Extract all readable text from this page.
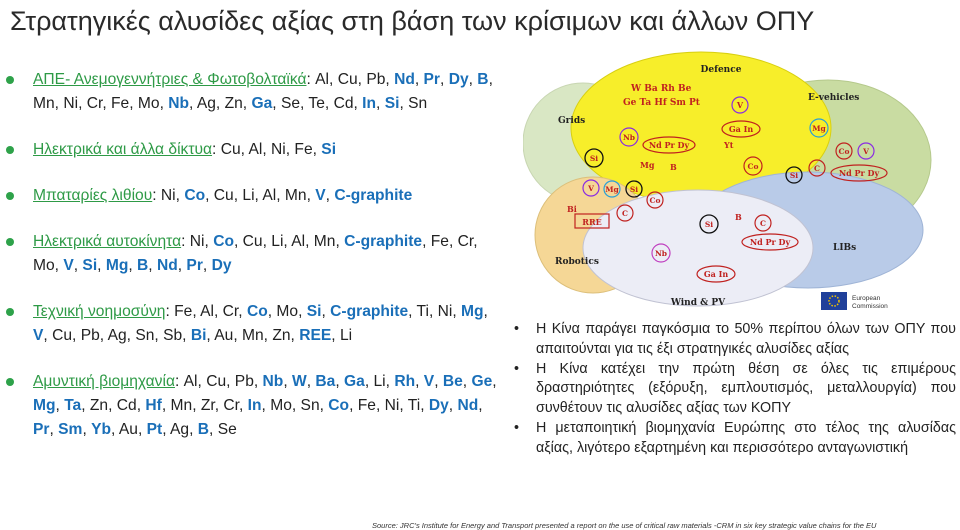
Στρατηγικές αλυσίδες αξίας στη βάση των κρίσιμων και άλλων ΟΠΥ
ΑΠΕ- Ανεμογεννήτριες & Φωτοβολταϊκά: Al, Cu, Pb, Nd, Pr, Dy, B, Mn, Ni, Cr, Fe, Mo, Nb, Ag, Zn, Ga, Se, Te, Cd, In, Si, Sn
Ηλεκτρικά και άλλα δίκτυα: Cu, Al, Ni, Fe, Si
Μπαταρίες λιθίου: Ni, Co, Cu, Li, Al, Mn, V, C-graphite
Ηλεκτρικά αυτοκίνητα: Ni, Co, Cu, Li, Al, Mn, C-graphite, Fe, Cr, Mo, V, Si, Mg, B, Nd, Pr, Dy
Τεχνική νοημοσύνη: Fe, Al, Cr, Co, Mo, Si, C-graphite, Ti, Ni, Mg, V, Cu, Pb, Ag, Sn, Sb, Bi, Au, Mn, Zn, REE, Li
Αμυντική βιομηχανία: Al, Cu, Pb, Nb, W, Ba, Ga, Li, Rh, V, Be, Ge, Mg, Ta, Zn, Cd, Hf, Mn, Zr, Cr, In, Mo, Sn, Co, Fe, Ni, Ti, Dy, Nd, Pr, Sm, Yb, Au, Pt, Ag, B, Se
Defence
Grids
E-vehicles
Robotics
LIBs
Wind & PV
W Ba Rh Be
Ge Ta Hf Sm Pt	V
Nb
Ga In
Nd Pr Dy	Yt
Mg B	Co
Si
Mg
Co V
C
Si	Nd Pr Dy
V Mg Si
Co
Bi	C
RRE	Si
B
C
Nd Pr Dy
Nb
Ga In
European
Commission
• Η Κίνα παράγει παγκόσμια το 50% περίπου όλων των ΟΠΥ που απαιτούνται για τις έξι στρατηγικές αλυσίδες αξίας
• Η Κίνα κατέχει την πρώτη θέση σε όλες τις επιμέρους δραστηριότητες (εξόρυξη, εμπλουτισμός, μεταλλουργία) που συνθέτουν τις αλυσίδες αξίας των ΚΟΠΥ
• Η μεταποιητική βιομηχανία Ευρώπης στο τέλος της αλυσίδας αξίας, λιγότερο εξαρτημένη και περισσότερο ανταγωνιστική
Source: JRC's Institute for Energy and Transport presented a report on the use of critical raw materials -CRM in six key strategic value chains for the EU
